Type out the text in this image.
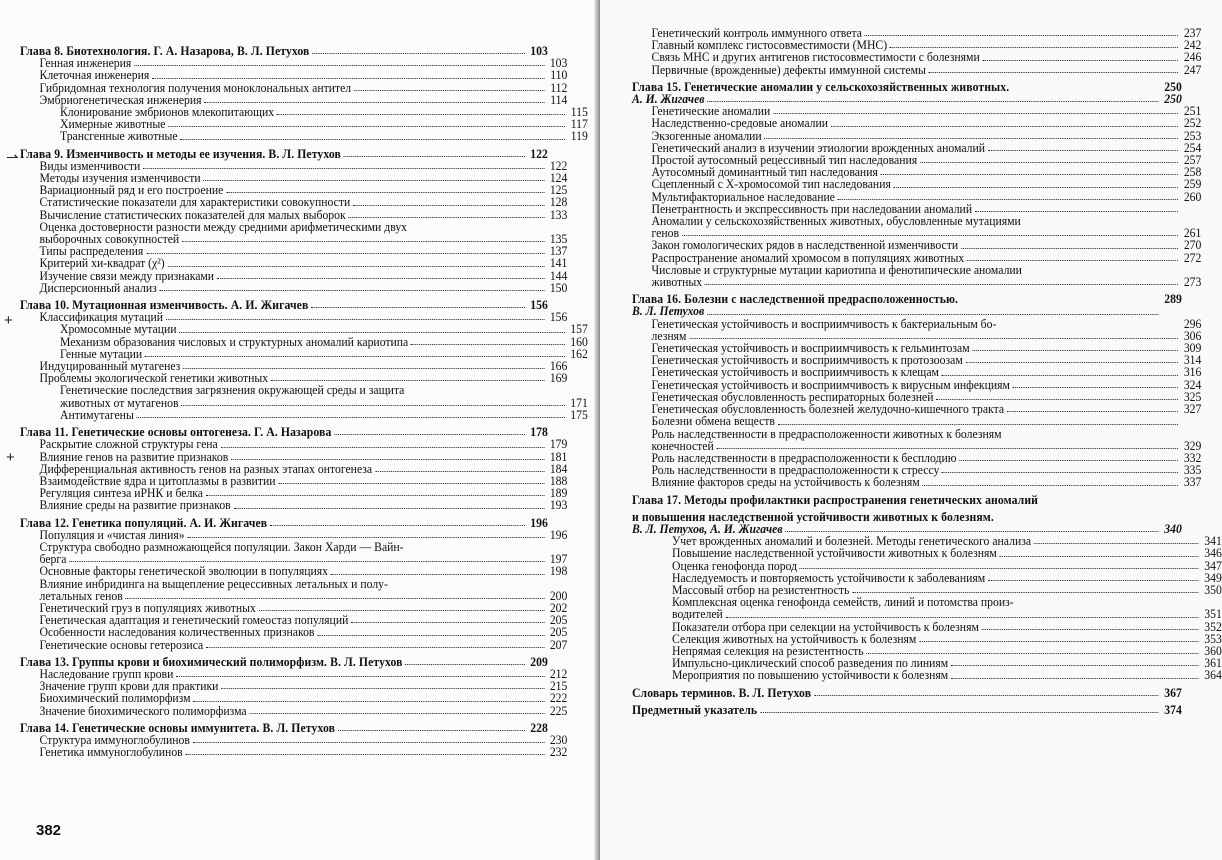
Глава 8. Биотехнология. Г. А. Назарова, В. Л. Петухов	103
Генная инженерия	103
Клеточная инженерия	110
Гибридомная технология получения моноклональных антител	112
Эмбриогенетическая инженерия	114
Клонирование эмбрионов млекопитающих	115
Химерные животные	117
Трансгенные животные	119
Глава 9. Изменчивость и методы ее изучения. В. Л. Петухов	122
Виды изменчивости	122
Методы изучения изменчивости	124
Вариационный ряд и его построение	125
Статистические показатели для характеристики совокупности	128
Вычисление статистических показателей для малых выборок	133
Оценка достоверности разности между средними арифметическими двух
выборочных совокупностей	135
Типы распределения	137
Критерий хи-квадрат (χ²)	141
Изучение связи между признаками	144
Дисперсионный анализ	150
Глава 10. Мутационная изменчивость. А. И. Жигачев	156
Классификация мутаций	156
Хромосомные мутации	157
Механизм образования числовых и структурных аномалий кариотипа	160
Генные мутации	162
Индуцированный мутагенез	166
Проблемы экологической генетики животных	169
Генетические последствия загрязнения окружающей среды и защита
животных от мутагенов	171
Антимутагены	175
Глава 11. Генетические основы онтогенеза. Г. А. Назарова	178
Раскрытие сложной структуры гена	179
Влияние генов на развитие признаков	181
Дифференциальная активность генов на разных этапах онтогенеза	184
Взаимодействие ядра и цитоплазмы в развитии	188
Регуляция синтеза иРНК и белка	189
Влияние среды на развитие признаков	193
Глава 12. Генетика популяций. А. И. Жигачев	196
Популяция и «чистая линия»	196
Структура свободно размножающейся популяции. Закон Харди — Вайн-
берга	197
Основные факторы генетической эволюции в популяциях	198
Влияние инбридинга на выщепление рецессивных летальных и полу-
летальных генов	200
Генетический груз в популяциях животных	202
Генетическая адаптация и генетический гомеостаз популяций	205
Особенности наследования количественных признаков	205
Генетические основы гетерозиса	207
Глава 13. Группы крови и биохимический полиморфизм. В. Л. Петухов	209
Наследование групп крови	212
Значение групп крови для практики	215
Биохимический полиморфизм	222
Значение биохимического полиморфизма	225
Глава 14. Генетические основы иммунитета. В. Л. Петухов	228
Структура иммуноглобулинов	230
Генетика иммуноглобулинов	232
382
⇀
+
+
Генетический контроль иммунного ответа	237
Главный комплекс гистосовместимости (МНС)	242
Связь МНС и других антигенов гистосовместимости с болезнями	246
Первичные (врожденные) дефекты иммунной системы	247
Глава 15. Генетические аномалии у сельскохозяйственных животных.	250
А. И. Жигачев	250
Генетические аномалии	251
Наследственно-средовые аномалии	252
Экзогенные аномалии	253
Генетический анализ в изучении этиологии врожденных аномалий	254
Простой аутосомный рецессивный тип наследования	257
Аутосомный доминантный тип наследования	258
Сцепленный с Х-хромосомой тип наследования	259
Мультифакториальное наследование	260
Пенетрантность и экспрессивность при наследовании аномалий
Аномалии у сельскохозяйственных животных, обусловленные мутациями
генов	261
Закон гомологических рядов в наследственной изменчивости	270
Распространение аномалий хромосом в популяциях животных	272
Числовые и структурные мутации кариотипа и фенотипические аномалии
животных	273
Глава 16. Болезни с наследственной предрасположенностью.	289
В. Л. Петухов
Генетическая устойчивость и восприимчивость к бактериальным бо-	296
лезням	306
Генетическая устойчивость и восприимчивость к гельминтозам	309
Генетическая устойчивость и восприимчивость к протозоозам	314
Генетическая устойчивость и восприимчивость к клещам	316
Генетическая устойчивость и восприимчивость к вирусным инфекциям	324
Генетическая обусловленность респираторных болезней	325
Генетическая обусловленность болезней желудочно-кишечного тракта	327
Болезни обмена веществ
Роль наследственности в предрасположенности животных к болезням
конечностей	329
Роль наследственности в предрасположенности к бесплодию	332
Роль наследственности в предрасположенности к стрессу	335
Влияние факторов среды на устойчивость к болезням	337
Глава 17. Методы профилактики распространения генетических аномалий
и повышения наследственной устойчивости животных к болезням.
В. Л. Петухов, А. И. Жигачев	340
Учет врожденных аномалий и болезней. Методы генетического анализа	341
Повышение наследственной устойчивости животных к болезням	346
Оценка генофонда пород	347
Наследуемость и повторяемость устойчивости к заболеваниям	349
Массовый отбор на резистентность	350
Комплексная оценка генофонда семейств, линий и потомства произ-
водителей	351
Показатели отбора при селекции на устойчивость к болезням	352
Селекция животных на устойчивость к болезням	353
Непрямая селекция на резистентность	360
Импульсно-циклический способ разведения по линиям	361
Мероприятия по повышению устойчивости к болезням	364
Словарь терминов. В. Л. Петухов	367
Предметный указатель	374
